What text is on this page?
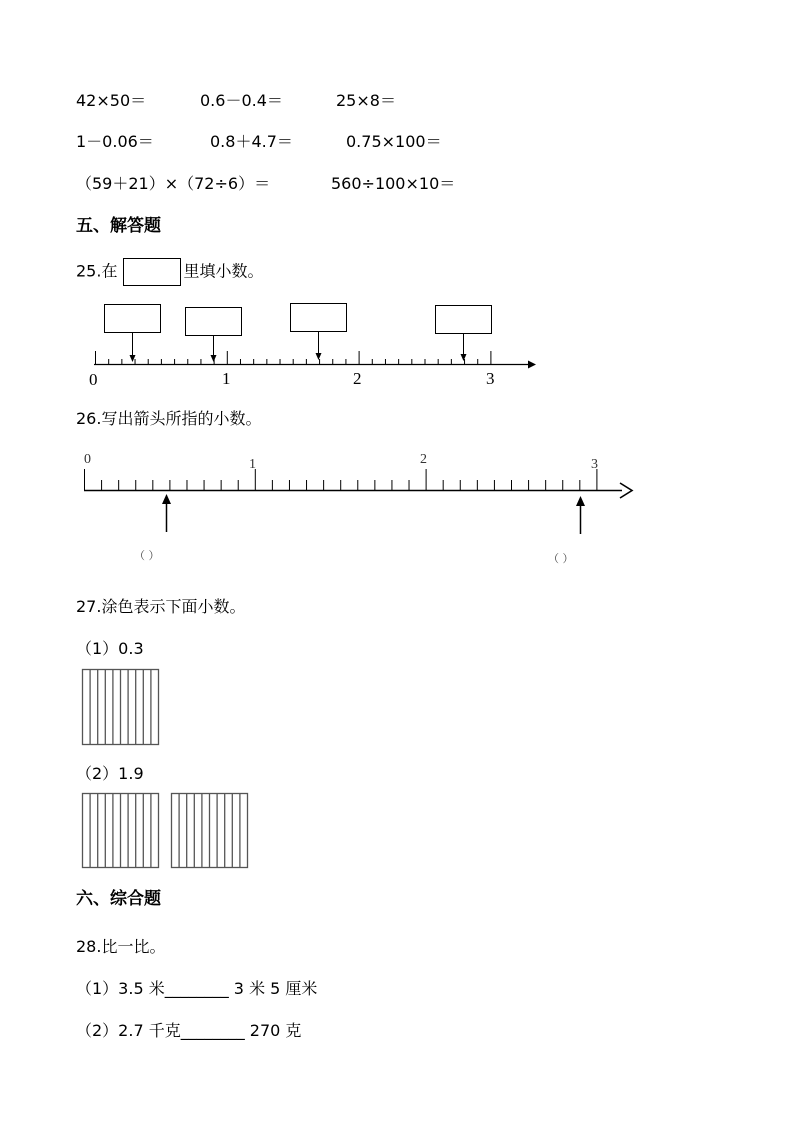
42×50＝	0.6－0.4＝	25×8＝
1－0.06＝	0.8＋4.7＝	0.75×100＝
（59＋21）×（72÷6）＝	560÷100×10＝
五、解答题
25.在	里填小数。
0	1	2	3
26.写出箭头所指的小数。
0	1	2	3
（ ）	（ ）
27.涂色表示下面小数。
（1）0.3
（2）1.9
六、综合题
28.比一比。
（1）3.5 米________ 3 米 5 厘米
（2）2.7 千克________ 270 克
